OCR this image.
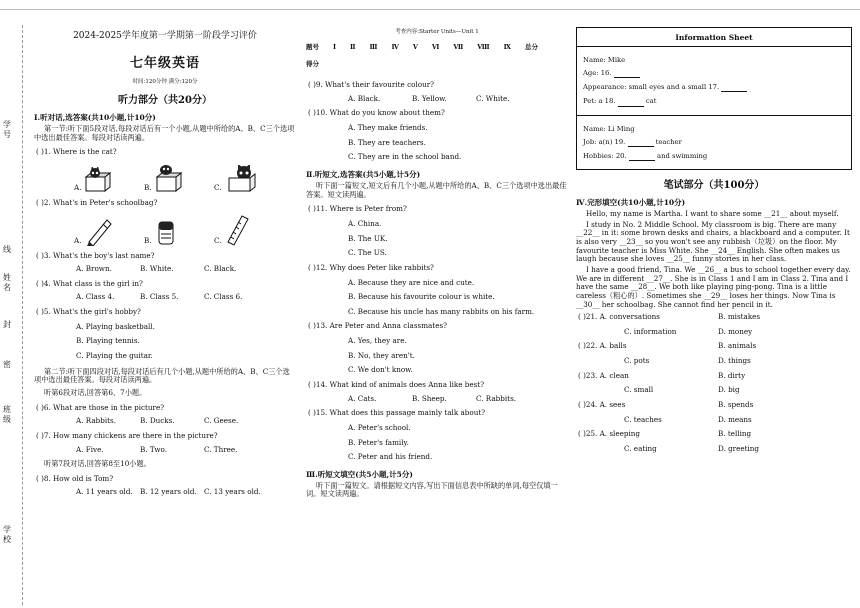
学号
线
姓名
封
班级
密
学校
2024-2025学年度第一学期第一阶段学习评价
七年级英语
时间:120分钟 满分:120分
听力部分（共20分）
Ⅰ.听对话,选答案(共10小题,计10分)
第一节:听下面5段对话,每段对话后有一个小题,从题中所给的A、B、C三个选项中选出最佳答案。每段对话读两遍。
( )1. Where is the cat?
A.	B.	C.
( )2. What's in Peter's schoolbag?
A.	B.	C.
( )3. What's the boy's last name?
A. Brown.	B. White.	C. Black.
( )4. What class is the girl in?
A. Class 4.	B. Class 5.	C. Class 6.
( )5. What's the girl's hobby?
A. Playing basketball.
B. Playing tennis.
C. Playing the guitar.
第二节:听下面四段对话,每段对话后有几个小题,从题中所给的A、B、C三个选项中选出最佳答案。每段对话读两遍。
听第6段对话,回答第6、7小题。
( )6. What are those in the picture?
A. Rabbits.	B. Ducks.	C. Geese.
( )7. How many chickens are there in the picture?
A. Five.	B. Two.	C. Three.
听第7段对话,回答第8至10小题。
( )8. How old is Tom?
A. 11 years old.	B. 12 years old. C. 13 years old.
考查内容:Starter Units—Unit 1
题号 Ⅰ Ⅱ Ⅲ Ⅳ Ⅴ Ⅵ Ⅶ Ⅷ Ⅸ 总分
得分
( )9. What's their favourite colour?
A. Black.	B. Yellow.	C. White.
( )10. What do you know about them?
A. They make friends.
B. They are teachers.
C. They are in the school band.
Ⅱ.听短文,选答案(共5小题,计5分)
听下面一篇短文,短文后有几个小题,从题中所给的A、B、C三个选项中选出最佳答案。短文读两遍。
( )11. Where is Peter from?
A. China.
B. The UK.
C. The US.
( )12. Why does Peter like rabbits?
A. Because they are nice and cute.
B. Because his favourite colour is white.
C. Because his uncle has many rabbits on his farm.
( )13. Are Peter and Anna classmates?
A. Yes, they are.
B. No, they aren't.
C. We don't know.
( )14. What kind of animals does Anna like best?
A. Cats.	B. Sheep.	C. Rabbits.
( )15. What does this passage mainly talk about?
A. Peter's school.
B. Peter's family.
C. Peter and his friend.
Ⅲ.听短文填空(共5小题,计5分)
听下面一篇短文。请根据短文内容,写出下面信息表中所缺的单词,每空仅填一词。短文读两遍。
Information Sheet
Name: Mike
Age: 16.
Appearance: small eyes and a small 17.
Pet: a 18.	cat
Name: Li Ming
Job: a(n) 19.	teacher
Hobbies: 20.	and swimming
笔试部分（共100分）
Ⅳ.完形填空(共10小题,计10分)
Hello, my name is Martha. I want to share some __21__ about myself.
I study in No. 2 Middle School. My classroom is big. There are many __22__ in it: some brown desks and chairs, a blackboard and a computer. It is also very __23__ so you won't see any rubbish（垃圾）on the floor. My favourite teacher is Miss White. She __24__ English. She often makes us laugh because she loves __25__ funny stories in her class.
I have a good friend, Tina. We __26__ a bus to school together every day. We are in different __27__. She is in Class 1 and I am in Class 2. Tina and I have the same __28__. We both like playing ping-pong. Tina is a little careless（粗心的）. Sometimes she __29__ loses her things. Now Tina is __30__ her schoolbag. She cannot find her pencil in it.
( )21. A. conversations	B. mistakes
C. information	D. money
( )22. A. balls	B. animals
C. pots	D. things
( )23. A. clean	B. dirty
C. small	D. big
( )24. A. sees	B. spends
C. teaches	D. means
( )25. A. sleeping	B. telling
C. eating	D. greeting
